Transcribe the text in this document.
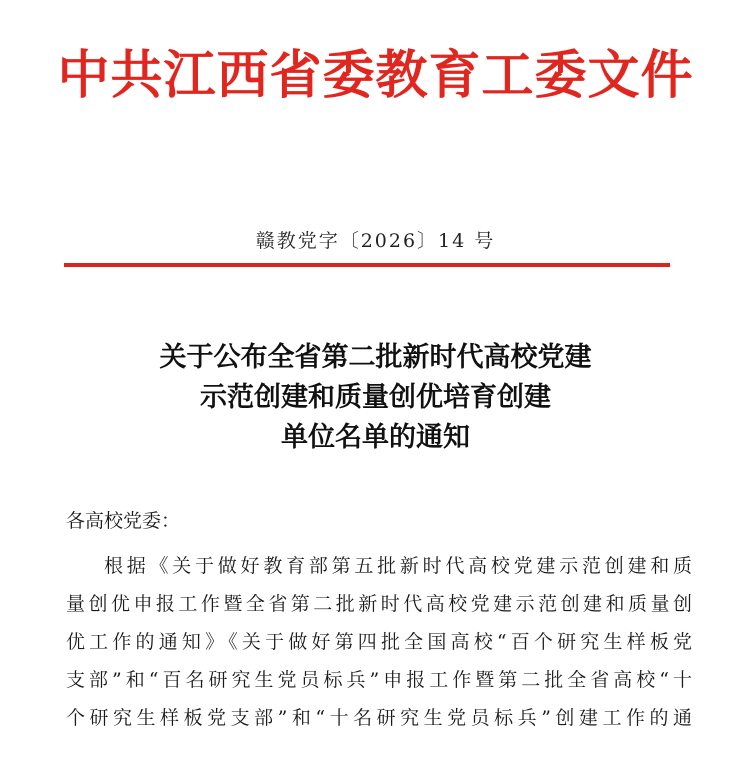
中共江西省委教育工委文件
赣教党字〔2026〕14 号
关于公布全省第二批新时代高校党建
示范创建和质量创优培育创建
单位名单的通知
各高校党委：
根据《关于做好教育部第五批新时代高校党建示范创建和质
量创优申报工作暨全省第二批新时代高校党建示范创建和质量创
优工作的通知》《关于做好第四批全国高校“百个研究生样板党
支部”和“百名研究生党员标兵”申报工作暨第二批全省高校“十
个研究生样板党支部”和“十名研究生党员标兵”创建工作的通
